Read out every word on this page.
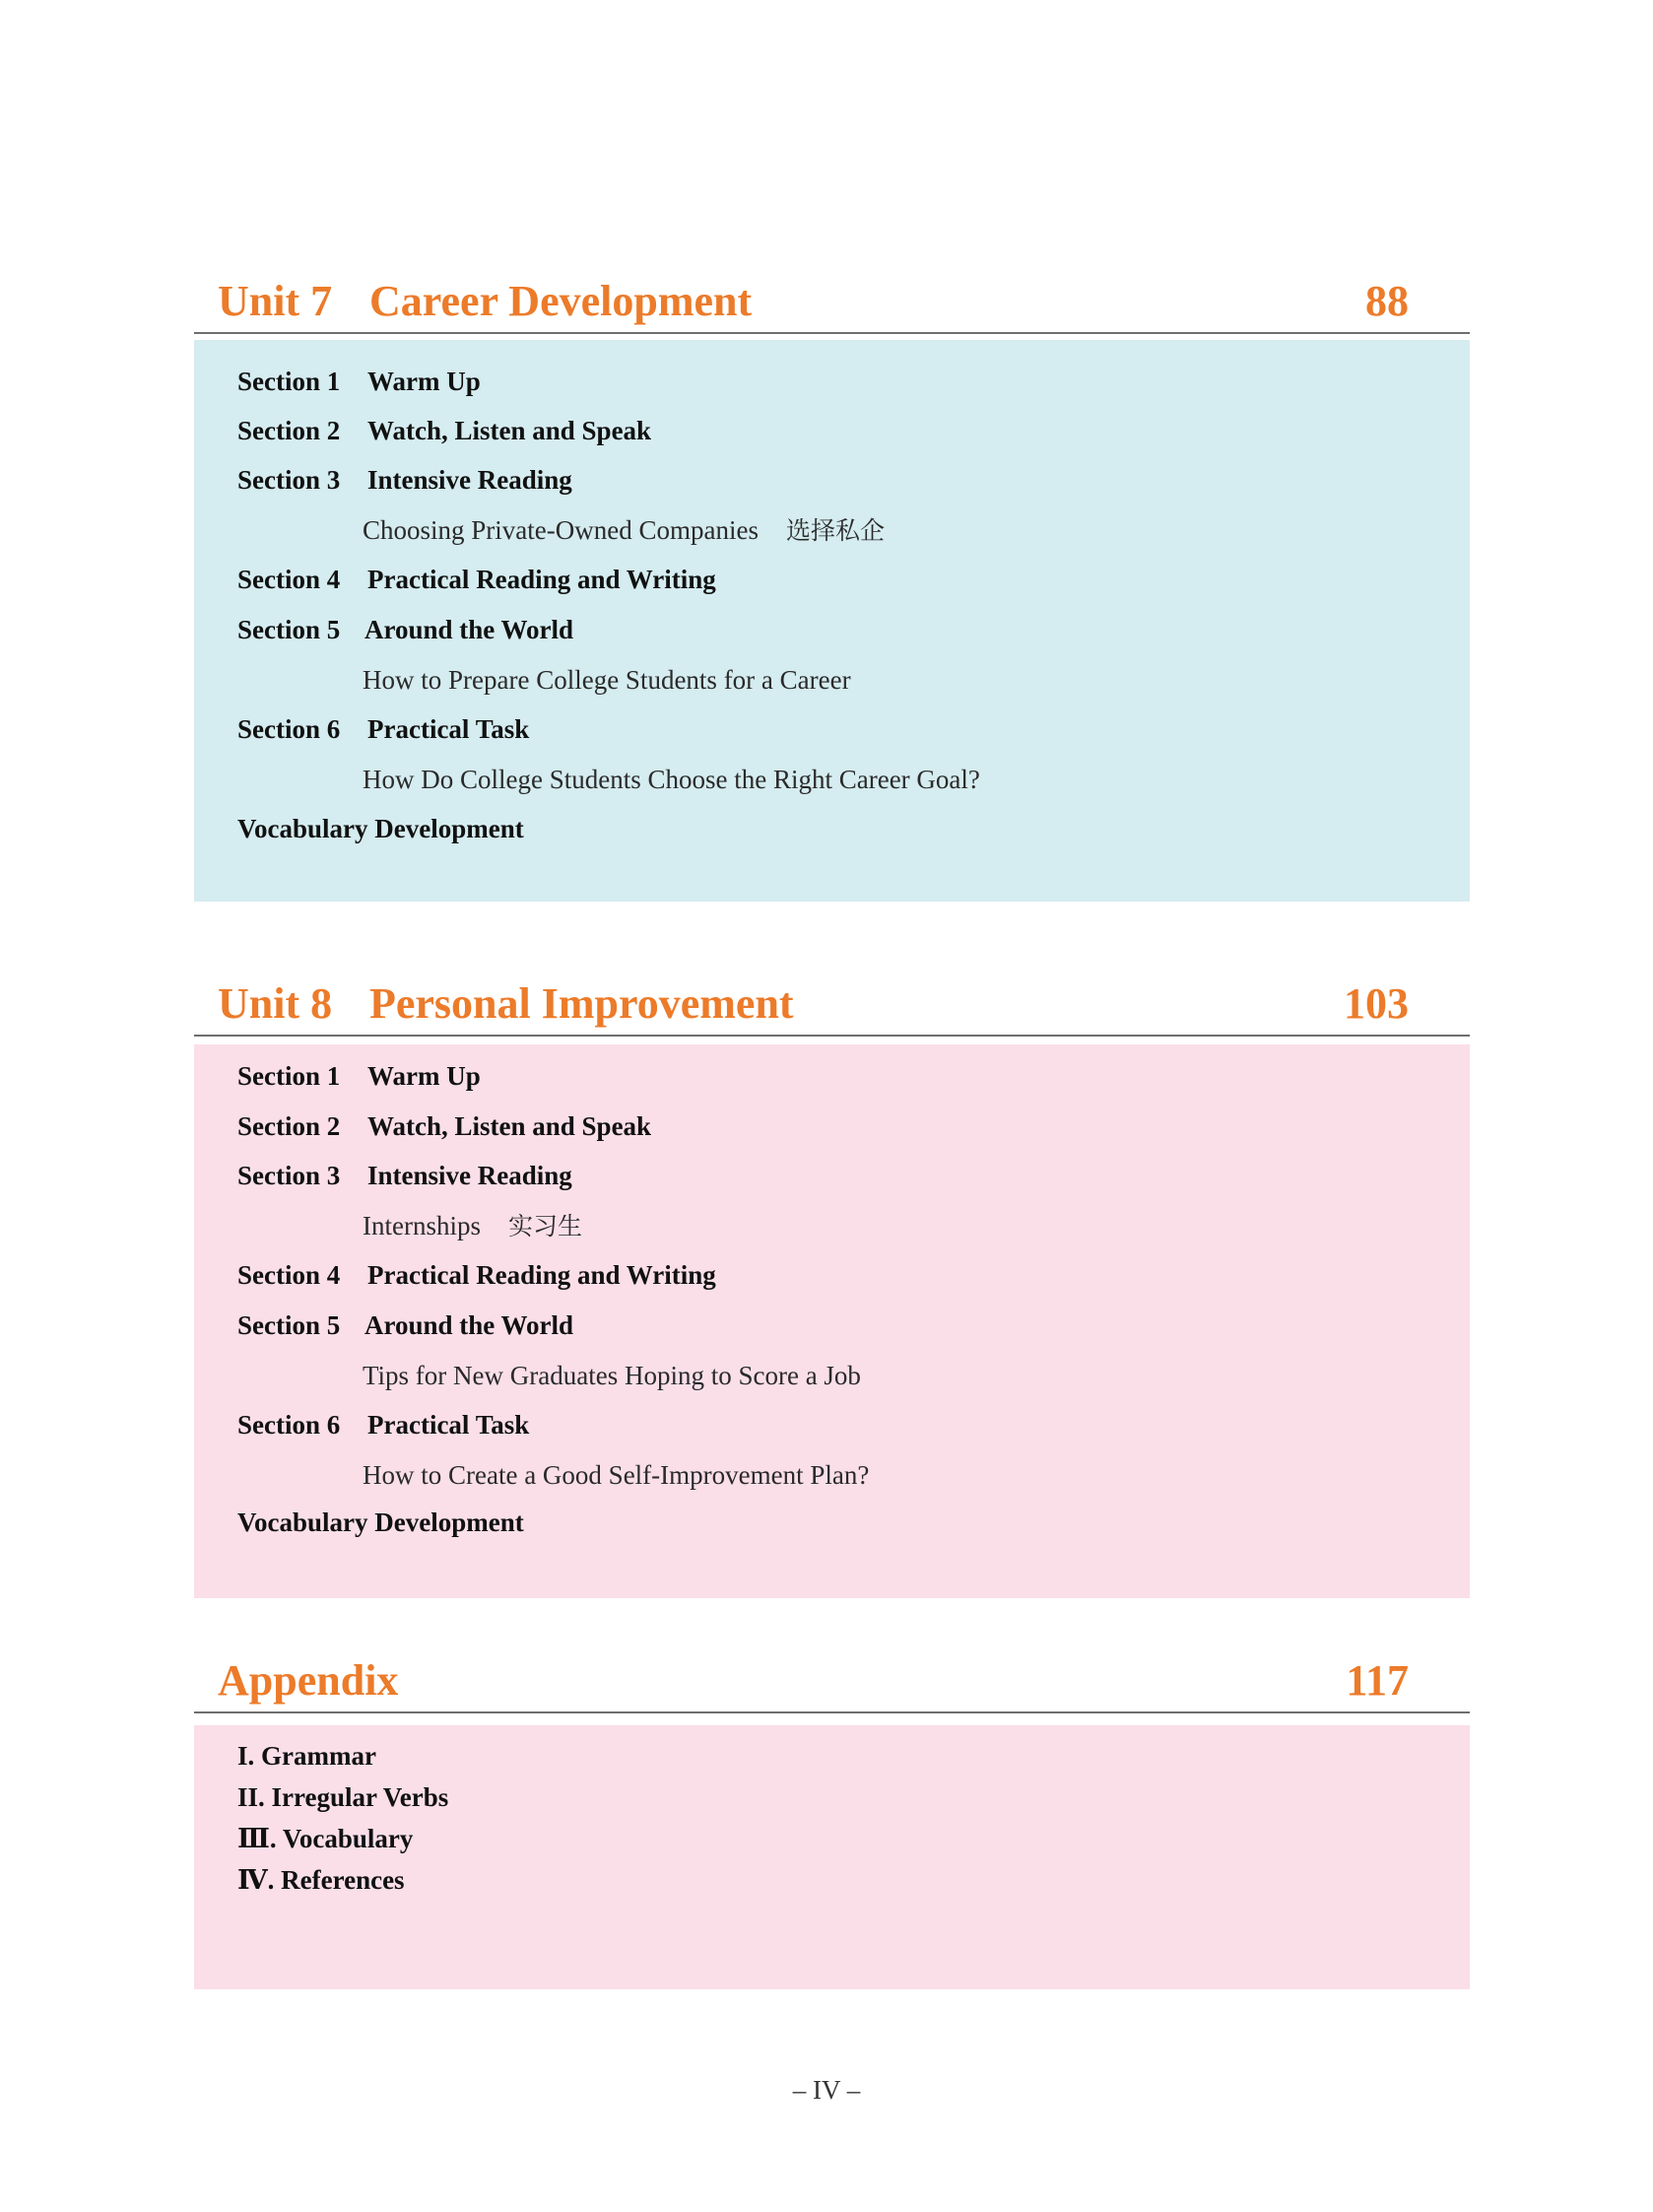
Unit 7 Career Development	88
Section 1 Warm Up
Section 2 Watch, Listen and Speak
Section 3 Intensive Reading
Choosing Private-Owned Companies 选择私企
Section 4 Practical Reading and Writing
Section 5 Around the World
How to Prepare College Students for a Career
Section 6 Practical Task
How Do College Students Choose the Right Career Goal?
Vocabulary Development
Unit 8 Personal Improvement	103
Section 1 Warm Up
Section 2 Watch, Listen and Speak
Section 3 Intensive Reading
Internships 实习生
Section 4 Practical Reading and Writing
Section 5 Around the World
Tips for New Graduates Hoping to Score a Job
Section 6 Practical Task
How to Create a Good Self-Improvement Plan?
Vocabulary Development
Appendix	117
I. Grammar
II. Irregular Verbs
Ⅲ. Vocabulary
Ⅳ. References
– IV –
